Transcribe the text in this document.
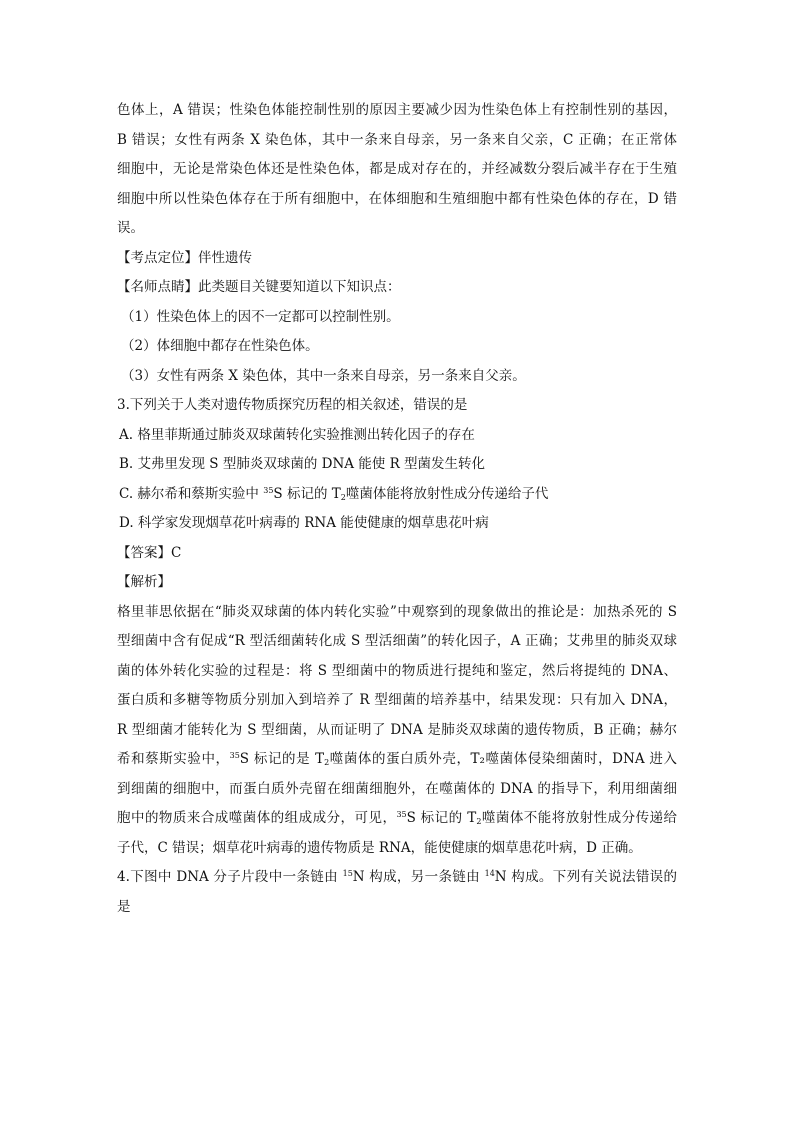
色体上，A 错误；性染色体能控制性别的原因主要减少因为性染色体上有控制性别的基因，
B 错误；女性有两条 X 染色体，其中一条来自母亲，另一条来自父亲，C 正确；在正常体
细胞中，无论是常染色体还是性染色体，都是成对存在的，并经减数分裂后减半存在于生殖
细胞中所以性染色体存在于所有细胞中，在体细胞和生殖细胞中都有性染色体的存在，D 错
误。
【考点定位】伴性遗传
【名师点睛】此类题目关键要知道以下知识点：
（1）性染色体上的因不一定都可以控制性别。
（2）体细胞中都存在性染色体。
（3）女性有两条 X 染色体，其中一条来自母亲，另一条来自父亲。
3.下列关于人类对遗传物质探究历程的相关叙述，错误的是
A. 格里菲斯通过肺炎双球菌转化实验推测出转化因子的存在
B. 艾弗里发现 S 型肺炎双球菌的 DNA 能使 R 型菌发生转化
C. 赫尔希和蔡斯实验中 $^{35}$S 标记的 $T_2$噬菌体能将放射性成分传递给子代
D. 科学家发现烟草花叶病毒的 RNA 能使健康的烟草患花叶病
【答案】C
【解析】
格里菲思依据在“肺炎双球菌的体内转化实验”中观察到的现象做出的推论是：加热杀死的 S
型细菌中含有促成“R 型活细菌转化成 S 型活细菌”的转化因子，A 正确；艾弗里的肺炎双球
菌的体外转化实验的过程是：将 S 型细菌中的物质进行提纯和鉴定，然后将提纯的 DNA、
蛋白质和多糖等物质分别加入到培养了 R 型细菌的培养基中，结果发现：只有加入 DNA，
R 型细菌才能转化为 S 型细菌，从而证明了 DNA 是肺炎双球菌的遗传物质，B 正确；赫尔
希和蔡斯实验中，$^{35}$S 标记的是 $T_2$噬菌体的蛋白质外壳，T₂噬菌体侵染细菌时，DNA 进入
到细菌的细胞中，而蛋白质外壳留在细菌细胞外，在噬菌体的 DNA 的指导下，利用细菌细
胞中的物质来合成噬菌体的组成成分，可见，$^{35}$S 标记的 $T_2$噬菌体不能将放射性成分传递给
子代，C 错误；烟草花叶病毒的遗传物质是 RNA，能使健康的烟草患花叶病，D 正确。
4.下图中 DNA 分子片段中一条链由 $^{15}$N 构成，另一条链由 $^{14}$N 构成。下列有关说法错误的
是
